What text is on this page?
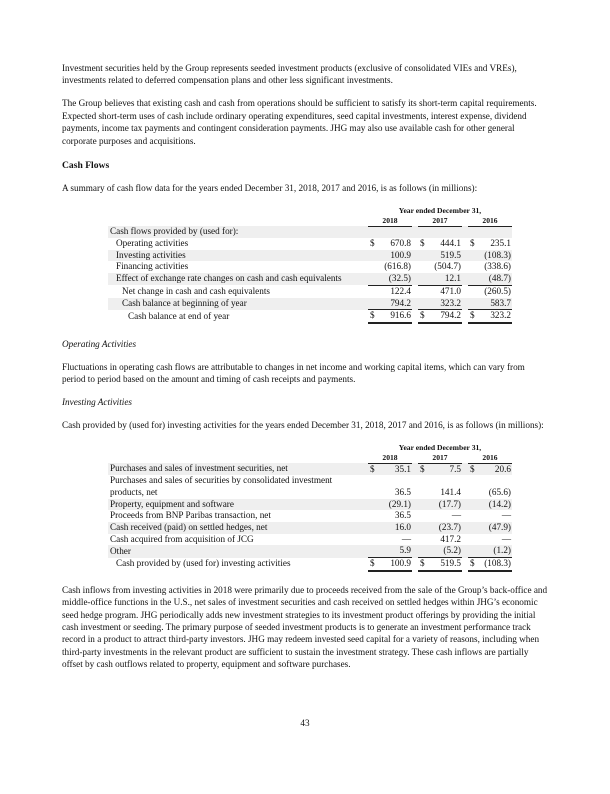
Investment securities held by the Group represents seeded investment products (exclusive of consolidated VIEs and VREs), investments related to deferred compensation plans and other less significant investments.

The Group believes that existing cash and cash from operations should be sufficient to satisfy its short-term capital requirements. Expected short-term uses of cash include ordinary operating expenditures, seed capital investments, interest expense, dividend payments, income tax payments and contingent consideration payments. JHG may also use available cash for other general corporate purposes and acquisitions.

Cash Flows

A summary of cash flow data for the years ended December 31, 2018, 2017 and 2016, is as follows (in millions):

	Year ended December 31,							
	2018			2017			2016	
Cash flows provided by (used for):								
Operating activities	$	670.8		$	444.1		$	235.1
Investing activities		100.9			519.5			(108.3)
Financing activities		(616.8)			(504.7)			(338.6)
Effect of exchange rate changes on cash and cash equivalents		(32.5)			12.1			(48.7)
Net change in cash and cash equivalents		122.4			471.0			(260.5)
Cash balance at beginning of year		794.2			323.2			583.7
Cash balance at end of year	$	916.6		$	794.2		$	323.2

Operating Activities

Fluctuations in operating cash flows are attributable to changes in net income and working capital items, which can vary from period to period based on the amount and timing of cash receipts and payments.

Investing Activities

Cash provided by (used for) investing activities for the years ended December 31, 2018, 2017 and 2016, is as follows (in millions):

	Year ended December 31,							
	2018			2017			2016	
Purchases and sales of investment securities, net	$	35.1		$	7.5		$	20.6
Purchases and sales of securities by consolidated investment								
products, net		36.5			141.4			(65.6)
Property, equipment and software		(29.1)			(17.7)			(14.2)
Proceeds from BNP Paribas transaction, net		36.5			—			—
Cash received (paid) on settled hedges, net		16.0			(23.7)			(47.9)
Cash acquired from acquisition of JCG		—			417.2			—
Other		5.9			(5.2)			(1.2)
Cash provided by (used for) investing activities	$	100.9		$	519.5		$	(108.3)

Cash inflows from investing activities in 2018 were primarily due to proceeds received from the sale of the Group’s back-office and middle-office functions in the U.S., net sales of investment securities and cash received on settled hedges within JHG’s economic seed hedge program. JHG periodically adds new investment strategies to its investment product offerings by providing the initial cash investment or seeding. The primary purpose of seeded investment products is to generate an investment performance track record in a product to attract third-party investors. JHG may redeem invested seed capital for a variety of reasons, including when third-party investments in the relevant product are sufficient to sustain the investment strategy. These cash inflows are partially offset by cash outflows related to property, equipment and software purchases.

43
